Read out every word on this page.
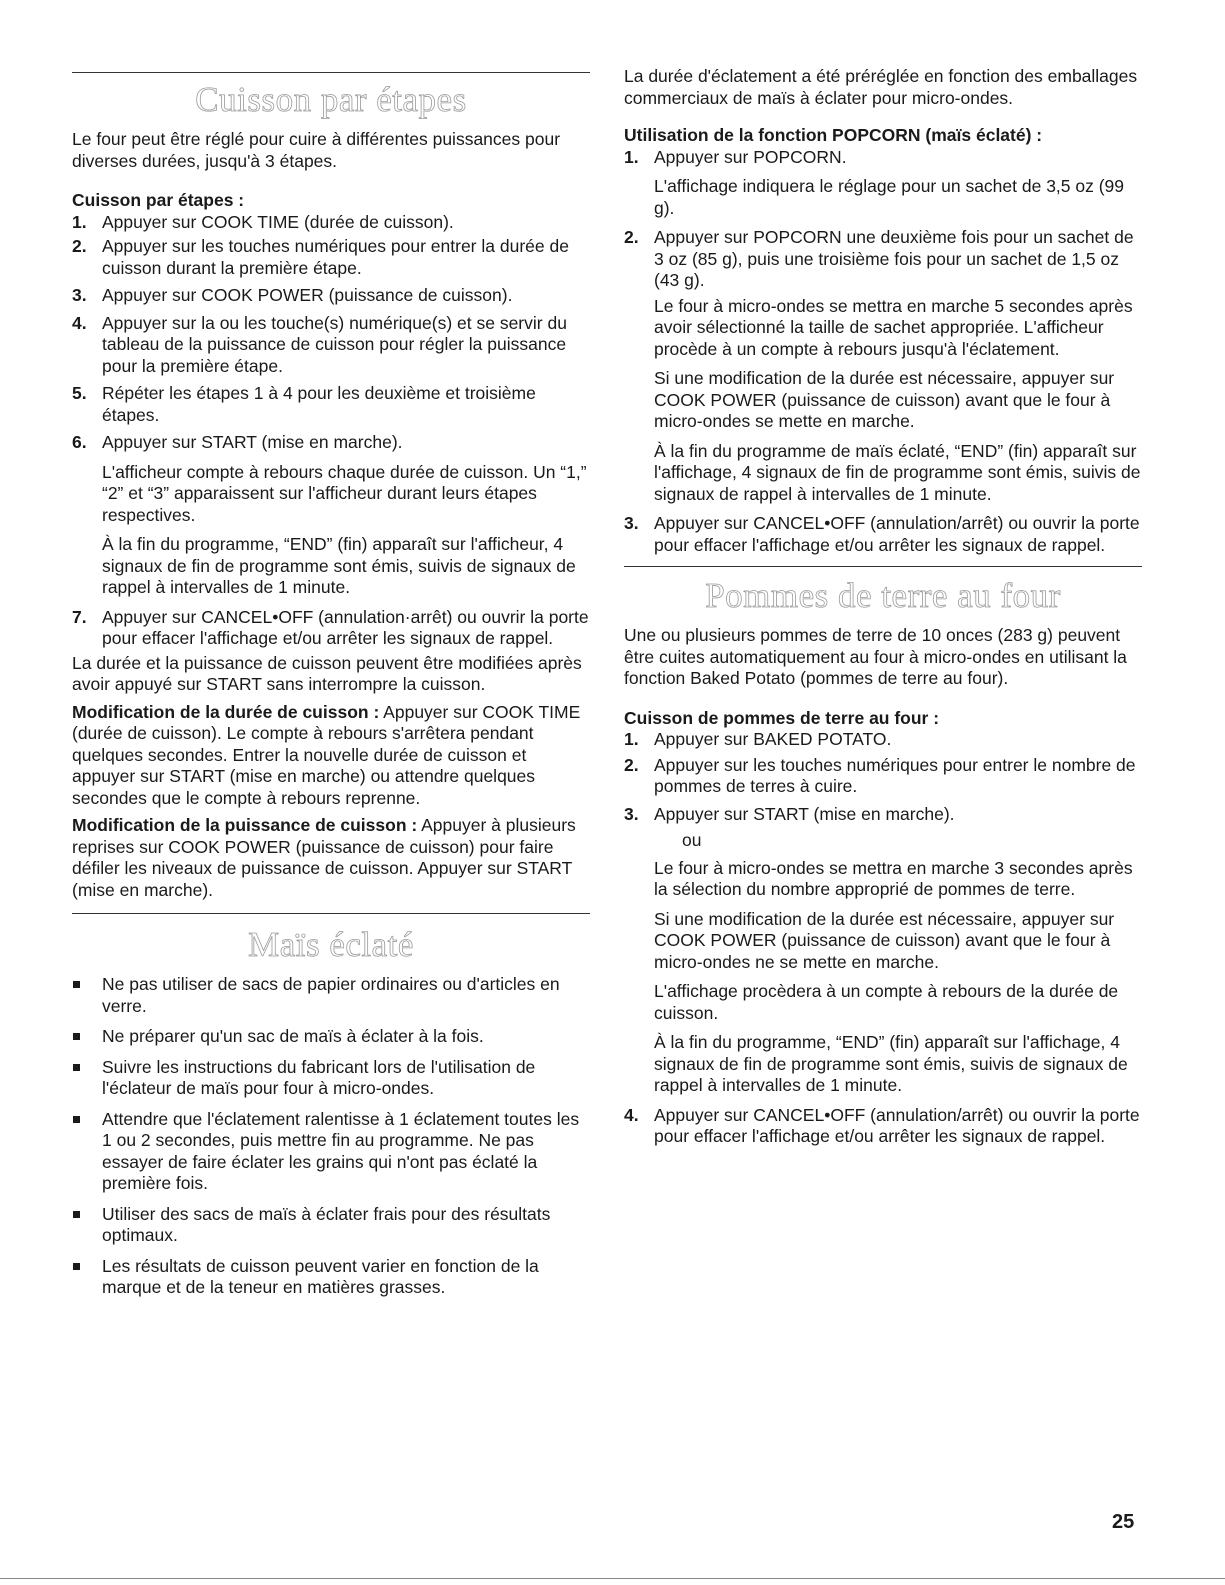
Cuisson par étapes

Le four peut être réglé pour cuire à différentes puissances pour diverses durées, jusqu'à 3 étapes.

Cuisson par étapes :

1. Appuyer sur COOK TIME (durée de cuisson).

2. Appuyer sur les touches numériques pour entrer la durée de cuisson durant la première étape.

3. Appuyer sur COOK POWER (puissance de cuisson).

4. Appuyer sur la ou les touche(s) numérique(s) et se servir du tableau de la puissance de cuisson pour régler la puissance pour la première étape.

5. Répéter les étapes 1 à 4 pour les deuxième et troisième étapes.

6. Appuyer sur START (mise en marche).

L'afficheur compte à rebours chaque durée de cuisson. Un “1,” “2” et “3” apparaissent sur l'afficheur durant leurs étapes respectives.

À la fin du programme, “END” (fin) apparaît sur l'afficheur, 4 signaux de fin de programme sont émis, suivis de signaux de rappel à intervalles de 1 minute.

7. Appuyer sur CANCEL•OFF (annulation·arrêt) ou ouvrir la porte pour effacer l'affichage et/ou arrêter les signaux de rappel.

La durée et la puissance de cuisson peuvent être modifiées après avoir appuyé sur START sans interrompre la cuisson.

Modification de la durée de cuisson : Appuyer sur COOK TIME (durée de cuisson). Le compte à rebours s'arrêtera pendant quelques secondes. Entrer la nouvelle durée de cuisson et appuyer sur START (mise en marche) ou attendre quelques secondes que le compte à rebours reprenne.

Modification de la puissance de cuisson : Appuyer à plusieurs reprises sur COOK POWER (puissance de cuisson) pour faire défiler les niveaux de puissance de cuisson. Appuyer sur START (mise en marche).

Maïs éclaté
Ne pas utiliser de sacs de papier ordinaires ou d'articles en verre.
Ne préparer qu'un sac de maïs à éclater à la fois.
Suivre les instructions du fabricant lors de l'utilisation de l'éclateur de maïs pour four à micro-ondes.
Attendre que l'éclatement ralentisse à 1 éclatement toutes les 1 ou 2 secondes, puis mettre fin au programme. Ne pas essayer de faire éclater les grains qui n'ont pas éclaté la première fois.
Utiliser des sacs de maïs à éclater frais pour des résultats optimaux.
Les résultats de cuisson peuvent varier en fonction de la marque et de la teneur en matières grasses.

La durée d'éclatement a été préréglée en fonction des emballages commerciaux de maïs à éclater pour micro-ondes.

Utilisation de la fonction POPCORN (maïs éclaté) :

1. Appuyer sur POPCORN.

L'affichage indiquera le réglage pour un sachet de 3,5 oz (99 g).

2. Appuyer sur POPCORN une deuxième fois pour un sachet de 3 oz (85 g), puis une troisième fois pour un sachet de 1,5 oz (43 g).

Le four à micro-ondes se mettra en marche 5 secondes après avoir sélectionné la taille de sachet appropriée. L'afficheur procède à un compte à rebours jusqu'à l'éclatement.

Si une modification de la durée est nécessaire, appuyer sur COOK POWER (puissance de cuisson) avant que le four à micro-ondes se mette en marche.

À la fin du programme de maïs éclaté, “END” (fin) apparaît sur l'affichage, 4 signaux de fin de programme sont émis, suivis de signaux de rappel à intervalles de 1 minute.

3. Appuyer sur CANCEL•OFF (annulation/arrêt) ou ouvrir la porte pour effacer l'affichage et/ou arrêter les signaux de rappel.

Pommes de terre au four

Une ou plusieurs pommes de terre de 10 onces (283 g) peuvent être cuites automatiquement au four à micro-ondes en utilisant la fonction Baked Potato (pommes de terre au four).

Cuisson de pommes de terre au four :

1. Appuyer sur BAKED POTATO.

2. Appuyer sur les touches numériques pour entrer le nombre de pommes de terres à cuire.

3. Appuyer sur START (mise en marche).

ou

Le four à micro-ondes se mettra en marche 3 secondes après la sélection du nombre approprié de pommes de terre.

Si une modification de la durée est nécessaire, appuyer sur COOK POWER (puissance de cuisson) avant que le four à micro-ondes ne se mette en marche.

L'affichage procèdera à un compte à rebours de la durée de cuisson.

À la fin du programme, “END” (fin) apparaît sur l'affichage, 4 signaux de fin de programme sont émis, suivis de signaux de rappel à intervalles de 1 minute.

4. Appuyer sur CANCEL•OFF (annulation/arrêt) ou ouvrir la porte pour effacer l'affichage et/ou arrêter les signaux de rappel.

25
